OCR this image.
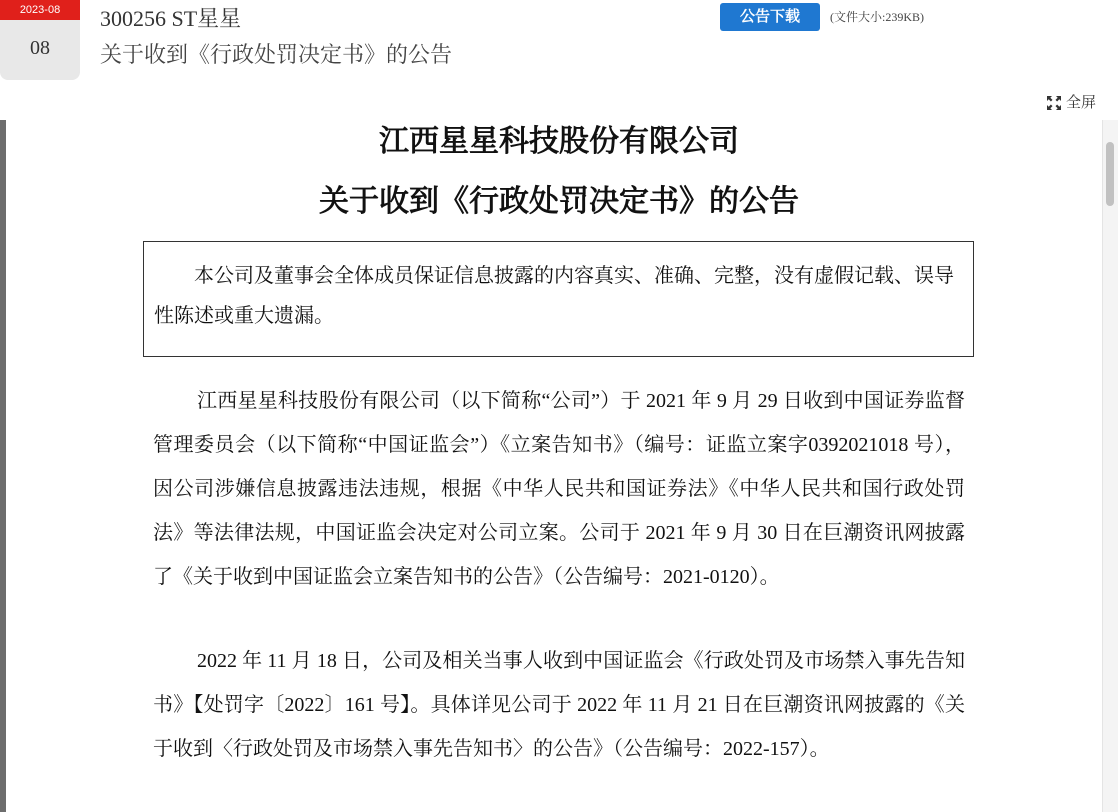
2023-08
08
300256 ST星星
关于收到《行政处罚决定书》的公告
公告下载	(文件大小:239KB)
全屏
江西星星科技股份有限公司
关于收到《行政处罚决定书》的公告
本公司及董事会全体成员保证信息披露的内容真实、准确、完整，没有虚假记载、误导性陈述或重大遗漏。
江西星星科技股份有限公司（以下简称“公司”）于 2021 年 9 月 29 日收到中国证券监督管理委员会（以下简称“中国证监会”）《立案告知书》（编号：证监立案字0392021018 号），因公司涉嫌信息披露违法违规，根据《中华人民共和国证券法》《中华人民共和国行政处罚法》等法律法规，中国证监会决定对公司立案。公司于 2021 年 9 月 30 日在巨潮资讯网披露了《关于收到中国证监会立案告知书的公告》（公告编号：2021-0120）。
2022 年 11 月 18 日，公司及相关当事人收到中国证监会《行政处罚及市场禁入事先告知书》【处罚字〔2022〕161 号】。具体详见公司于 2022 年 11 月 21 日在巨潮资讯网披露的《关于收到〈行政处罚及市场禁入事先告知书〉的公告》（公告编号：2022-157）。
